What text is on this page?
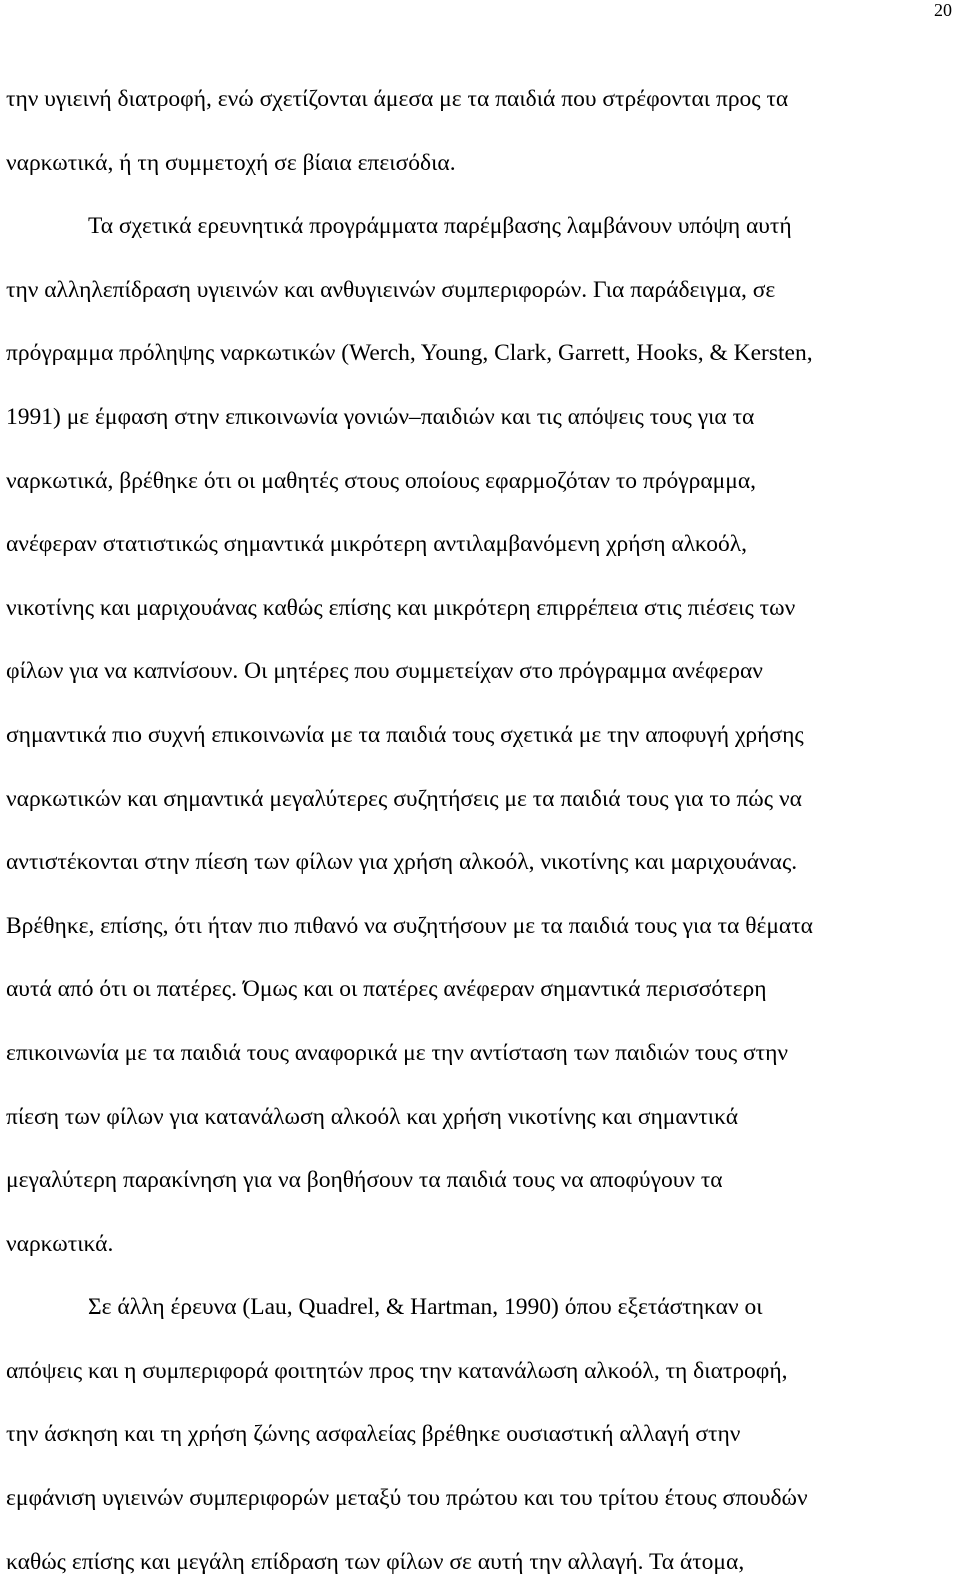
20

την υγιεινή διατροφή, ενώ σχετίζονται άμεσα με τα παιδιά που στρέφονται προς τα

ναρκωτικά, ή τη συμμετοχή σε βίαια επεισόδια.

Τα σχετικά ερευνητικά προγράμματα παρέμβασης λαμβάνουν υπόψη αυτή

την αλληλεπίδραση υγιεινών και ανθυγιεινών συμπεριφορών. Για παράδειγμα, σε

πρόγραμμα πρόληψης ναρκωτικών (Werch, Young, Clark, Garrett, Hooks, & Kersten,

1991) με έμφαση στην επικοινωνία γονιών–παιδιών και τις απόψεις τους για τα

ναρκωτικά, βρέθηκε ότι οι μαθητές στους οποίους εφαρμοζόταν το πρόγραμμα,

ανέφεραν στατιστικώς σημαντικά μικρότερη αντιλαμβανόμενη χρήση αλκοόλ,

νικοτίνης και μαριχουάνας καθώς επίσης και μικρότερη επιρρέπεια στις πιέσεις των

φίλων για να καπνίσουν. Οι μητέρες που συμμετείχαν στο πρόγραμμα ανέφεραν

σημαντικά πιο συχνή επικοινωνία με τα παιδιά τους σχετικά με την αποφυγή χρήσης

ναρκωτικών και σημαντικά μεγαλύτερες συζητήσεις με τα παιδιά τους για το πώς να

αντιστέκονται στην πίεση των φίλων για χρήση αλκοόλ, νικοτίνης και μαριχουάνας.

Βρέθηκε, επίσης, ότι ήταν πιο πιθανό να συζητήσουν με τα παιδιά τους για τα θέματα

αυτά από ότι οι πατέρες. Όμως και οι πατέρες ανέφεραν σημαντικά περισσότερη

επικοινωνία με τα παιδιά τους αναφορικά με την αντίσταση των παιδιών τους στην

πίεση των φίλων για κατανάλωση αλκοόλ και χρήση νικοτίνης και σημαντικά

μεγαλύτερη παρακίνηση για να βοηθήσουν τα παιδιά τους να αποφύγουν τα

ναρκωτικά.

Σε άλλη έρευνα (Lau, Quadrel, & Hartman, 1990) όπου εξετάστηκαν οι

απόψεις και η συμπεριφορά φοιτητών προς την κατανάλωση αλκοόλ, τη διατροφή,

την άσκηση και τη χρήση ζώνης ασφαλείας βρέθηκε ουσιαστική αλλαγή στην

εμφάνιση υγιεινών συμπεριφορών μεταξύ του πρώτου και του τρίτου έτους σπουδών

καθώς επίσης και μεγάλη επίδραση των φίλων σε αυτή την αλλαγή. Τα άτομα,
